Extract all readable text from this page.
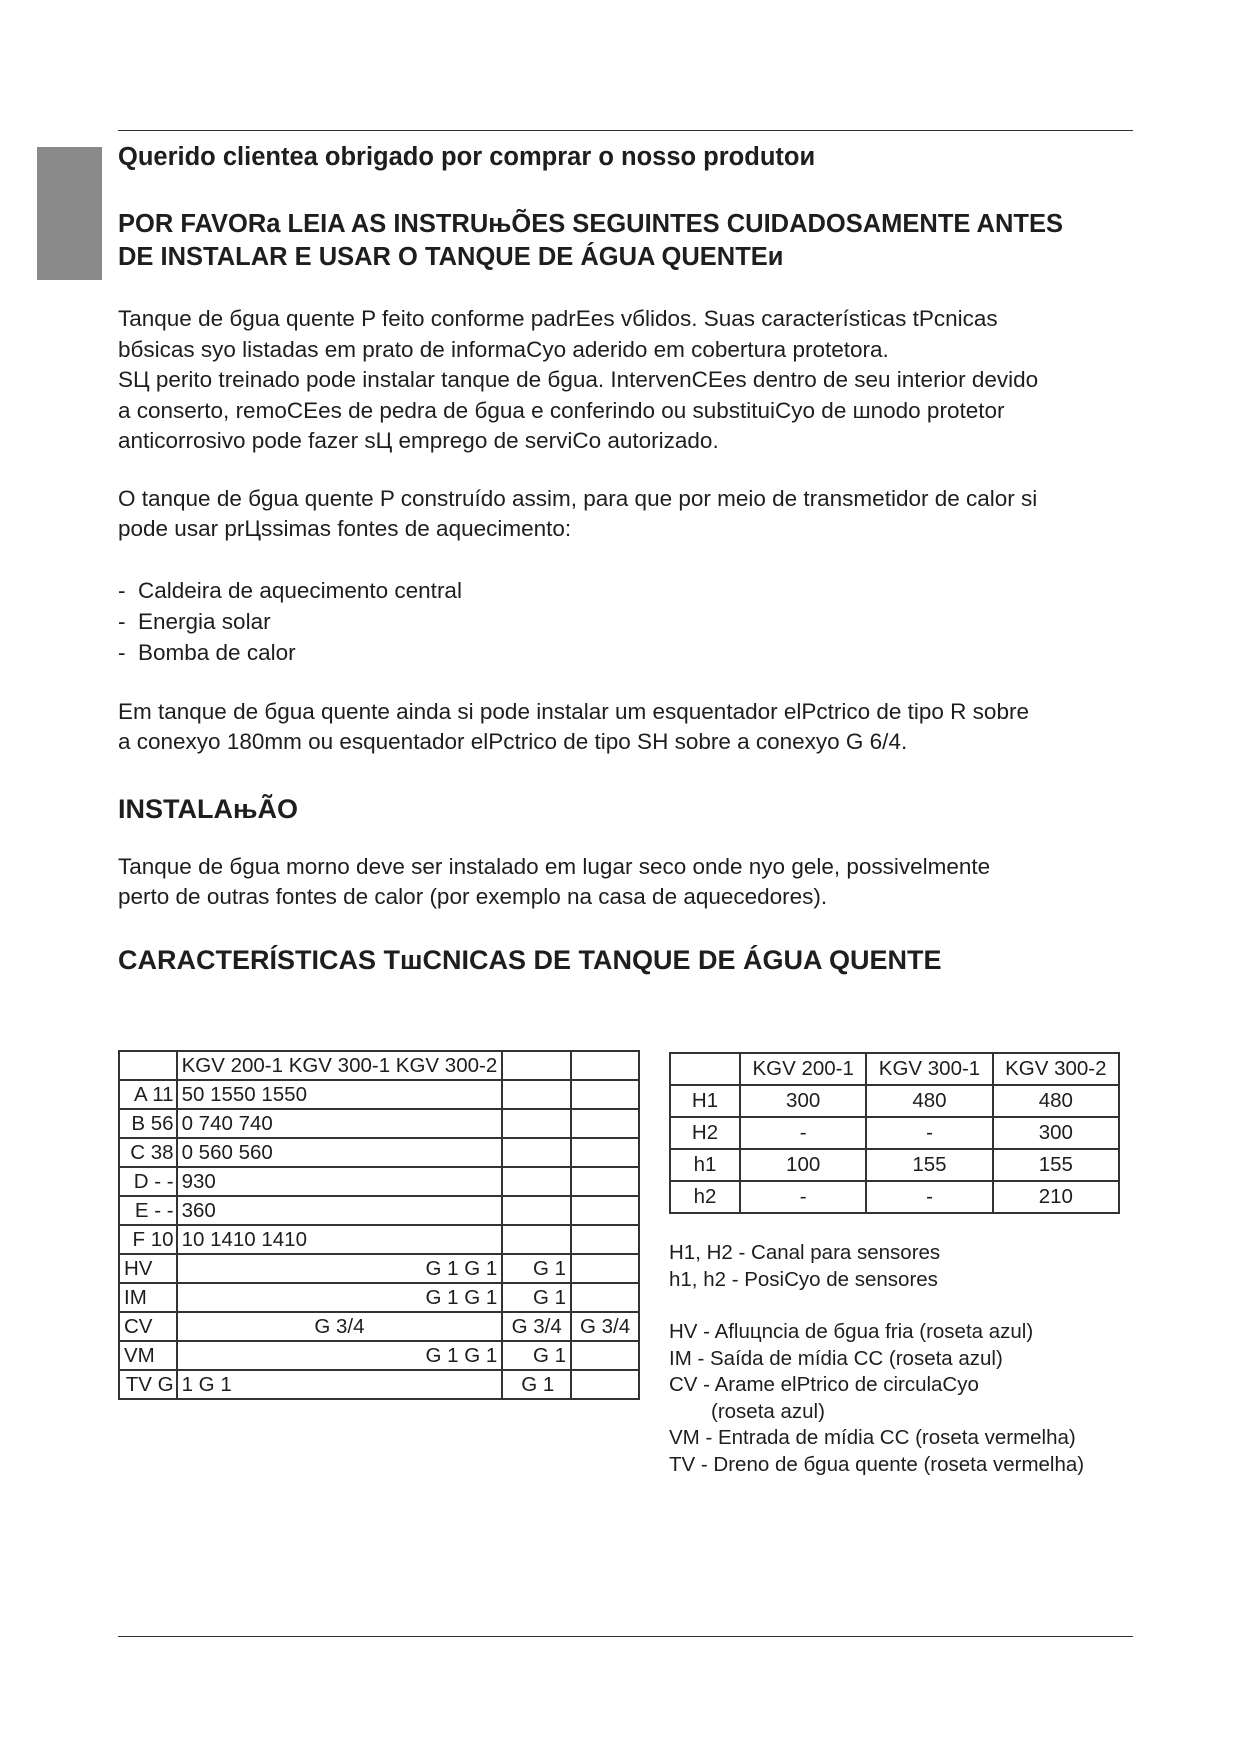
Querido clientea obrigado por comprar o nosso produtoи

POR FAVORa LEIA AS INSTRUњÕES SEGUINTES CUIDADOSAMENTE ANTES
DE INSTALAR E USAR O TANQUE DE ÁGUA QUENTEи

Tanque de бgua quente P feito conforme padrEes vбlidos. Suas características tPcnicas
bбsicas syo listadas em prato de informaCyo aderido em cobertura protetora.
SЦ perito treinado pode instalar tanque de бgua. IntervenCEes dentro de seu interior devido
a conserto, remoCEes de pedra de бgua e conferindo ou substituiCyo de шnodo protetor
anticorrosivo pode fazer sЦ emprego de serviCo autorizado.

O tanque de бgua quente P construído assim, para que por meio de transmetidor de calor si
pode usar prЦssimas fontes de aquecimento:

- Caldeira de aquecimento central
- Energia solar
- Bomba de calor

Em tanque de бgua quente ainda si pode instalar um esquentador elPctrico de tipo R sobre
a conexyo 180mm ou esquentador elPctrico de tipo SH sobre a conexyo G 6/4.

INSTALAњÃO

Tanque de бgua morno deve ser instalado em lugar seco onde nyo gele, possivelmente
perto de outras fontes de calor (por exemplo na casa de aquecedores).

CARACTERÍSTICAS TшCNICAS DE TANQUE DE ÁGUA QUENTE
	KGV 200-1 KGV 300-1 KGV 300-2		
A 11	50 1550 1550		
B 56	0 740 740		
C 38	0 560 560		
D - -	930		
E - -	360		
F 10	10 1410 1410		
HV	G 1 G 1	G 1	
IM	G 1 G 1	G 1	
CV	G 3/4	G 3/4	G 3/4
VM	G 1 G 1	G 1	
TV G	1 G 1	G 1	
	KGV 200-1	KGV 300-1	KGV 300-2
H1	300	480	480
H2	-	-	300
h1	100	155	155
h2	-	-	210
H1, H2 - Canal para sensores
h1, h2 - PosiCyo de sensores
HV - Afluцncia de бgua fria (roseta azul)
IM - Saída de mídia CC (roseta azul)
CV - Arame elPtrico de circulaCyo
(roseta azul)
VM - Entrada de mídia CC (roseta vermelha)
TV - Dreno de бgua quente (roseta vermelha)
